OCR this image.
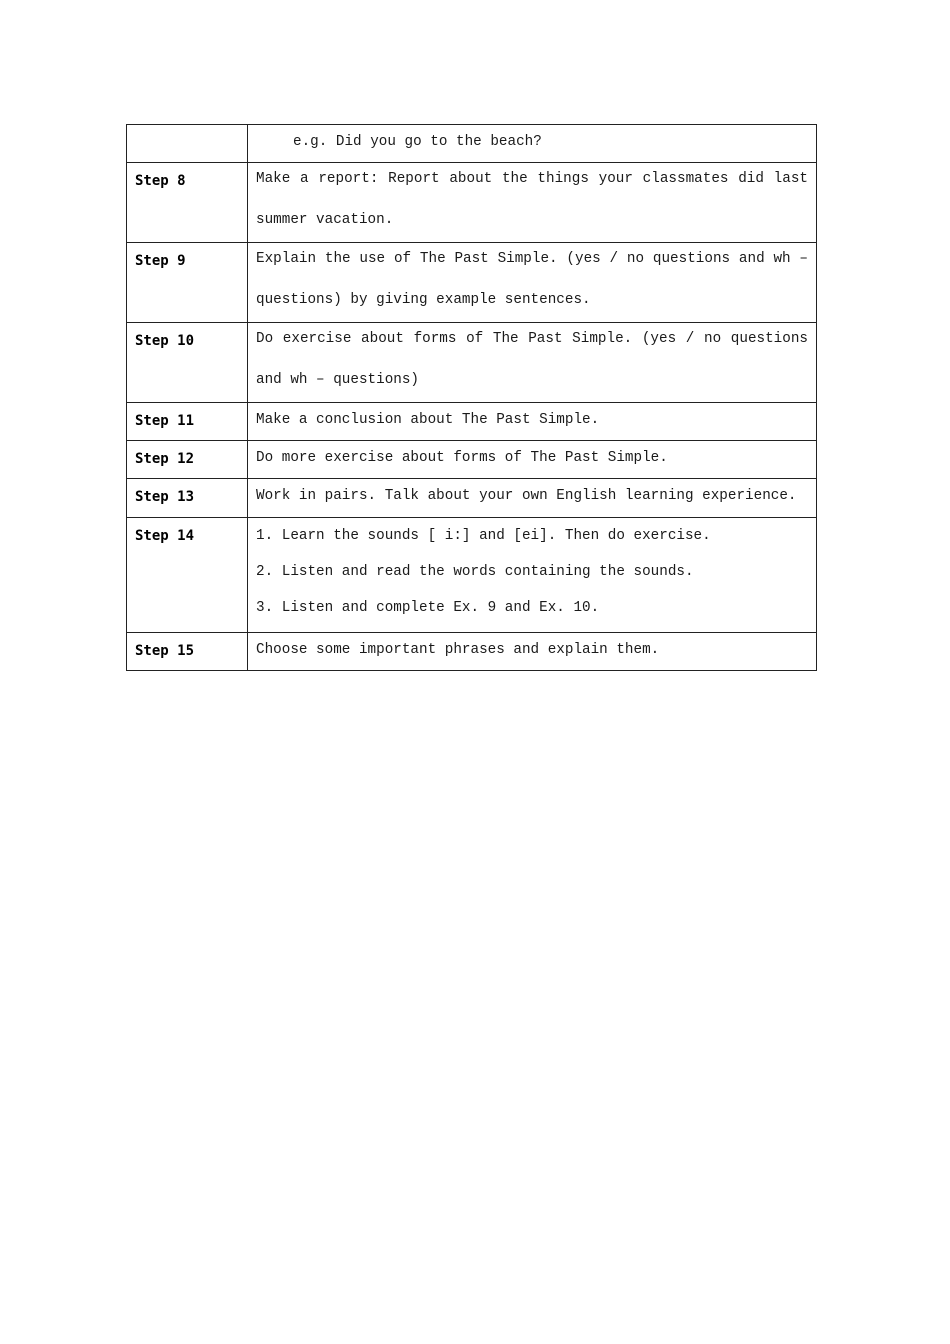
	e.g. Did you go to the beach?

Step 8	Make a report: Report about the things your classmates did last summer vacation.

Step 9	Explain the use of The Past Simple. (yes / no questions and wh – questions) by giving example sentences.

Step 10	Do exercise about forms of The Past Simple. (yes / no questions and wh – questions)

Step 11	Make a conclusion about The Past Simple.

Step 12	Do more exercise about forms of The Past Simple.

Step 13	Work in pairs. Talk about your own English learning experience.

Step 14	1. Learn the sounds [ i:] and [ei]. Then do exercise.
2. Listen and read the words containing the sounds.
3. Listen and complete Ex. 9 and Ex. 10.

Step 15	Choose some important phrases and explain them.
